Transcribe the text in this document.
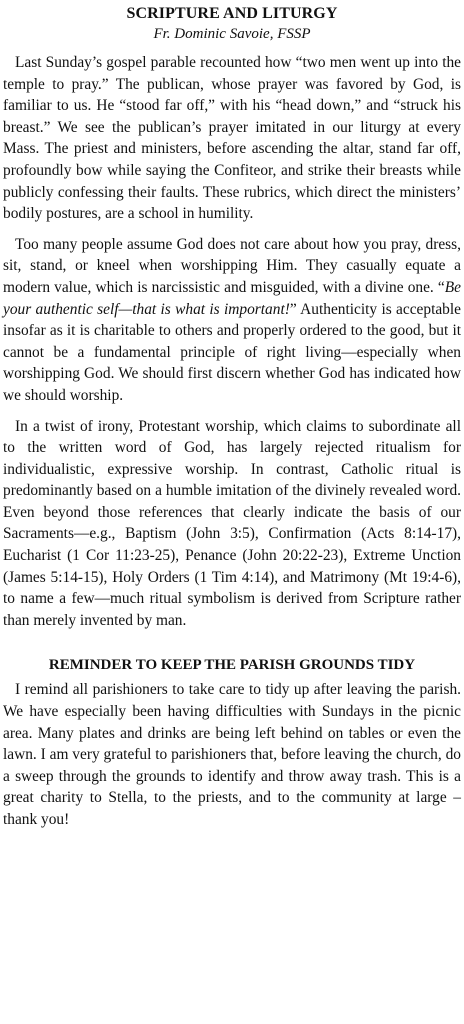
SCRIPTURE AND LITURGY
Fr. Dominic Savoie, FSSP

Last Sunday’s gospel parable recounted how “two men went up into the temple to pray.” The publican, whose prayer was favored by God, is familiar to us. He “stood far off,” with his “head down,” and “struck his breast.” We see the publican’s prayer imitated in our liturgy at every Mass. The priest and ministers, before ascending the altar, stand far off, profoundly bow while saying the Confiteor, and strike their breasts while publicly confessing their faults. These rubrics, which direct the ministers’ bodily postures, are a school in humility.

Too many people assume God does not care about how you pray, dress, sit, stand, or kneel when worshipping Him. They casually equate a modern value, which is narcissistic and misguided, with a divine one. “Be your authentic self—that is what is important!” Authenticity is acceptable insofar as it is charitable to others and properly ordered to the good, but it cannot be a fundamental principle of right living—especially when worshipping God. We should first discern whether God has indicated how we should worship.

In a twist of irony, Protestant worship, which claims to subordinate all to the written word of God, has largely rejected ritualism for individualistic, expressive worship. In contrast, Catholic ritual is predominantly based on a humble imitation of the divinely revealed word. Even beyond those references that clearly indicate the basis of our Sacraments—e.g., Baptism (John 3:5), Confirmation (Acts 8:14-17), Eucharist (1 Cor 11:23-25), Penance (John 20:22-23), Extreme Unction (James 5:14-15), Holy Orders (1 Tim 4:14), and Matrimony (Mt 19:4-6), to name a few—much ritual symbolism is derived from Scripture rather than merely invented by man.

REMINDER TO KEEP THE PARISH GROUNDS TIDY

I remind all parishioners to take care to tidy up after leaving the parish. We have especially been having difficulties with Sundays in the picnic area. Many plates and drinks are being left behind on tables or even the lawn. I am very grateful to parishioners that, before leaving the church, do a sweep through the grounds to identify and throw away trash. This is a great charity to Stella, to the priests, and to the community at large – thank you!
